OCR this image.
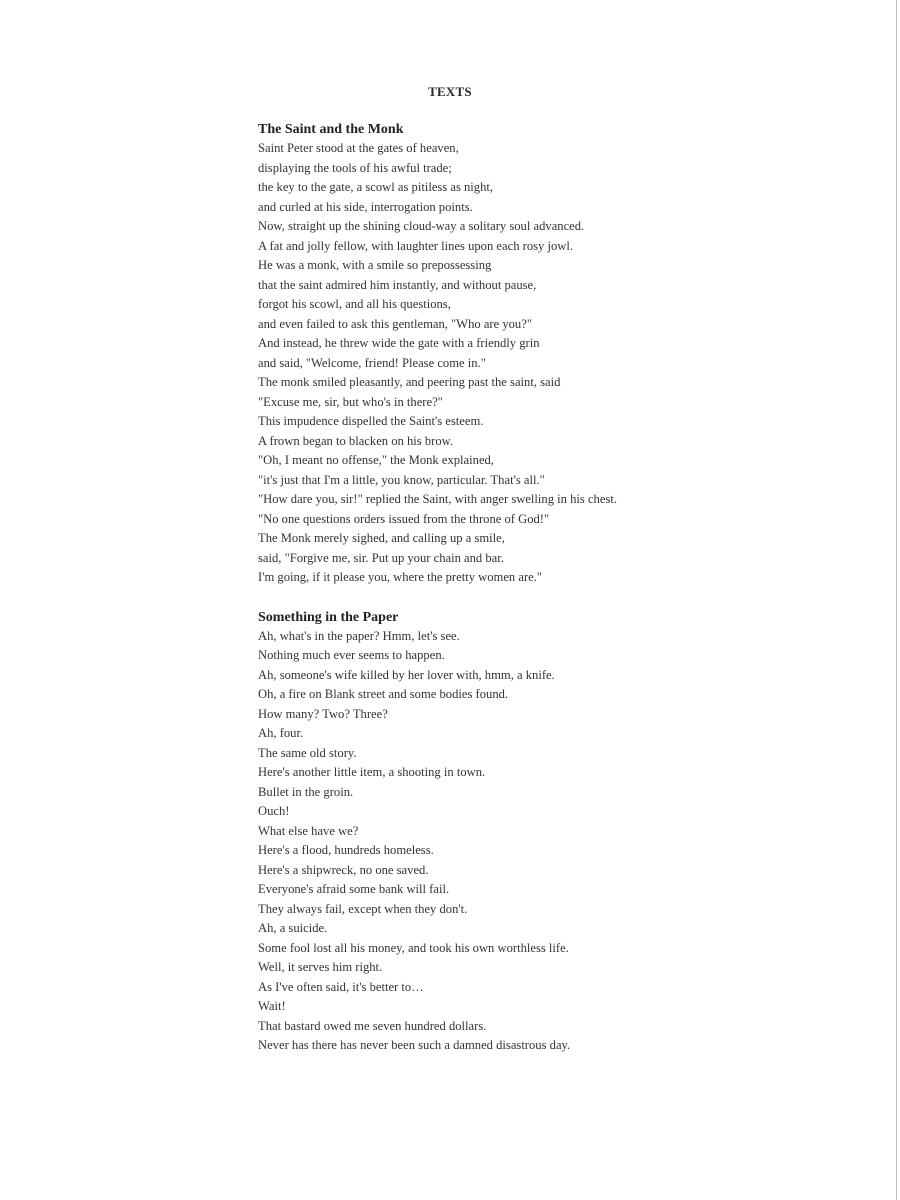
TEXTS
The Saint and the Monk
Saint Peter stood at the gates of heaven,
displaying the tools of his awful trade;
the key to the gate, a scowl as pitiless as night,
and curled at his side, interrogation points.
Now, straight up the shining cloud-way a solitary soul advanced.
A fat and jolly fellow, with laughter lines upon each rosy jowl.
He was a monk, with a smile so prepossessing
that the saint admired him instantly, and without pause,
forgot his scowl, and all his questions,
and even failed to ask this gentleman, "Who are you?"
And instead, he threw wide the gate with a friendly grin
and said, "Welcome, friend! Please come in."
The monk smiled pleasantly, and peering past the saint, said
"Excuse me, sir, but who's in there?"
This impudence dispelled the Saint's esteem.
A frown began to blacken on his brow.
"Oh, I meant no offense," the Monk explained,
"it's just that I'm a little, you know, particular. That's all."
"How dare you, sir!" replied the Saint, with anger swelling in his chest.
"No one questions orders issued from the throne of God!"
The Monk merely sighed, and calling up a smile,
said, "Forgive me, sir. Put up your chain and bar.
I'm going, if it please you, where the pretty women are."
Something in the Paper
Ah, what's in the paper? Hmm, let's see.
Nothing much ever seems to happen.
Ah, someone's wife killed by her lover with, hmm, a knife.
Oh, a fire on Blank street and some bodies found.
How many? Two? Three?
Ah, four.
The same old story.
Here's another little item, a shooting in town.
Bullet in the groin.
Ouch!
What else have we?
Here's a flood, hundreds homeless.
Here's a shipwreck, no one saved.
Everyone's afraid some bank will fail.
They always fail, except when they don't.
Ah, a suicide.
Some fool lost all his money, and took his own worthless life.
Well, it serves him right.
As I've often said, it's better to…
Wait!
That bastard owed me seven hundred dollars.
Never has there has never been such a damned disastrous day.
